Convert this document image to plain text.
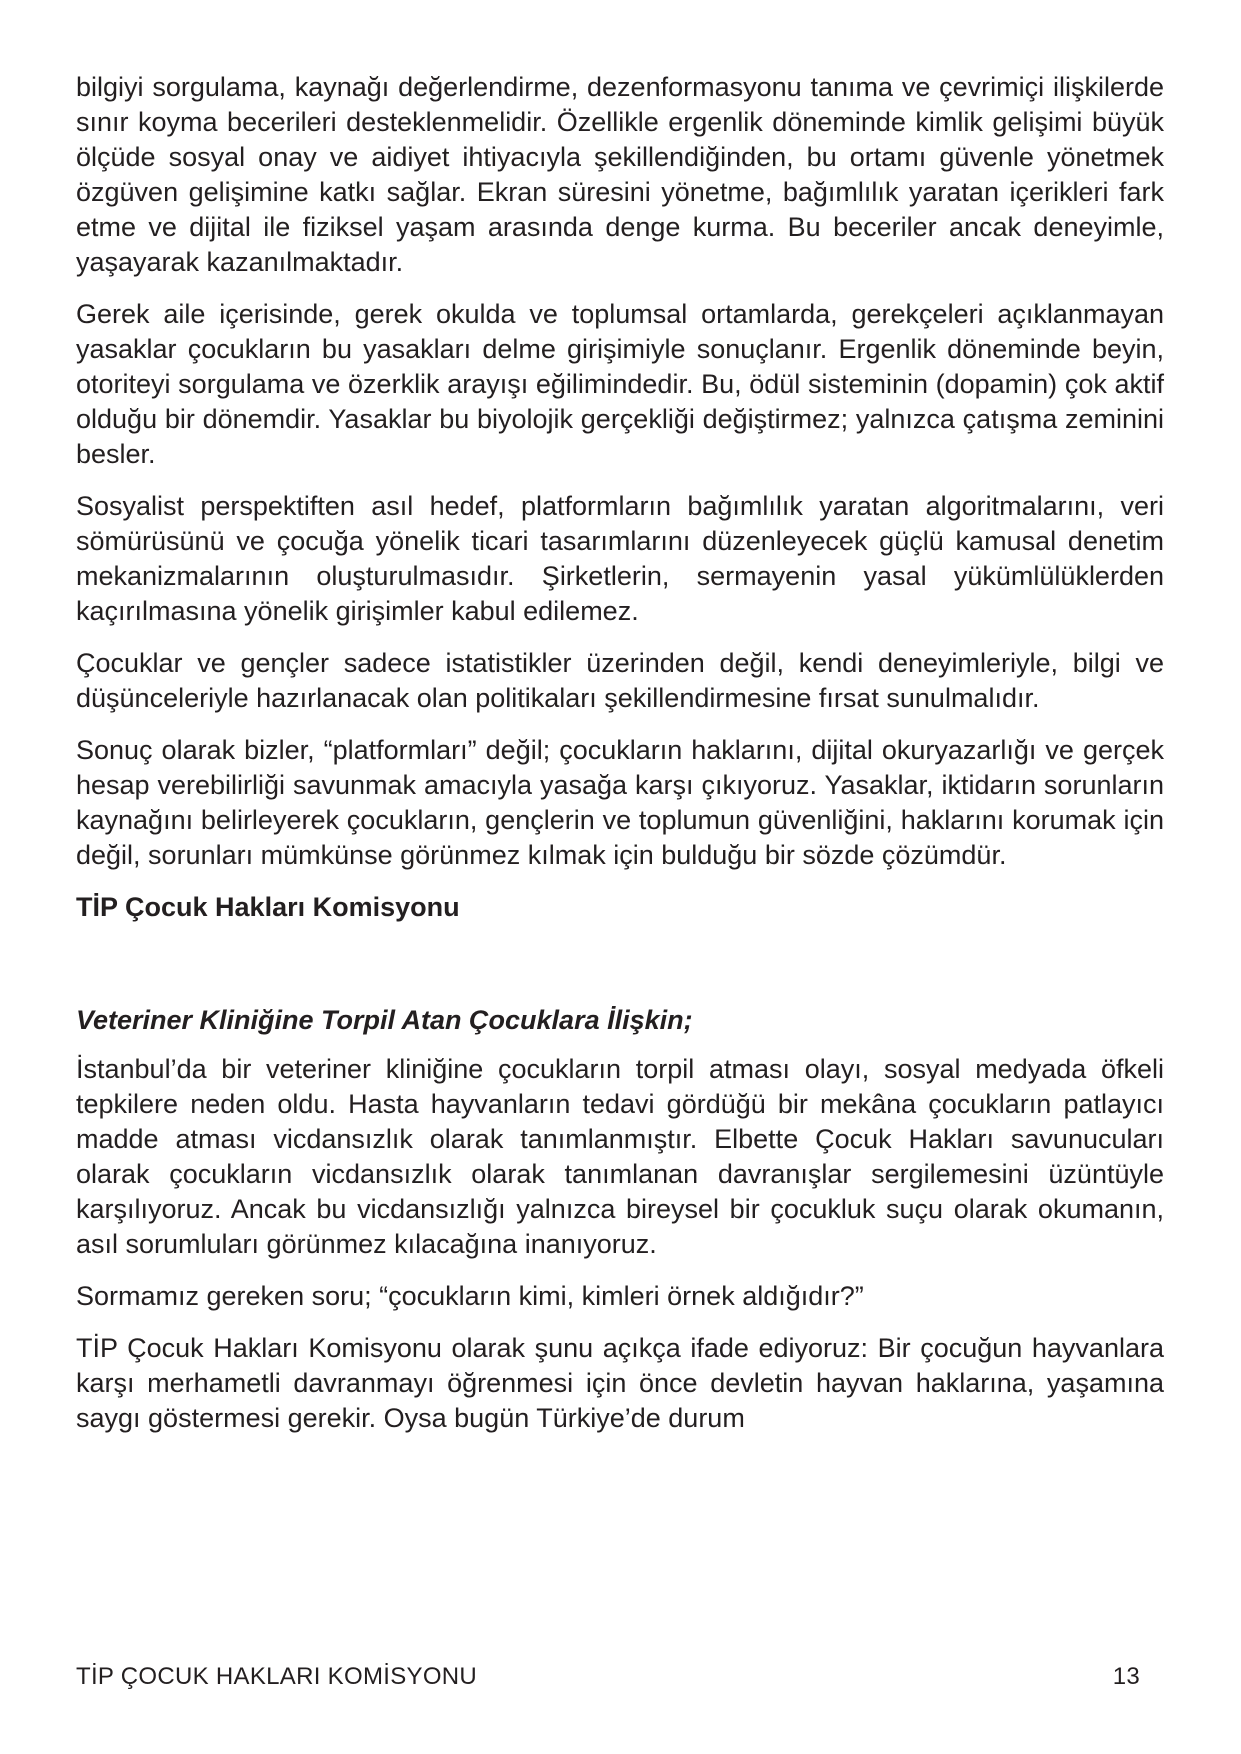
bilgiyi sorgulama, kaynağı değerlendirme, dezenformasyonu tanıma ve çevrimiçi ilişkilerde sınır koyma becerileri desteklenmelidir. Özellikle ergenlik döneminde kimlik gelişimi büyük ölçüde sosyal onay ve aidiyet ihtiyacıyla şekillendiğinden, bu ortamı güvenle yönetmek özgüven gelişimine katkı sağlar. Ekran süresini yönetme, bağımlılık yaratan içerikleri fark etme ve dijital ile fiziksel yaşam arasında denge kurma. Bu beceriler ancak deneyimle, yaşayarak kazanılmaktadır.

Gerek aile içerisinde, gerek okulda ve toplumsal ortamlarda, gerekçeleri açıklanmayan yasaklar çocukların bu yasakları delme girişimiyle sonuçlanır. Ergenlik döneminde beyin, otoriteyi sorgulama ve özerklik arayışı eğilimindedir. Bu, ödül sisteminin (dopamin) çok aktif olduğu bir dönemdir. Yasaklar bu biyolojik gerçekliği değiştirmez; yalnızca çatışma zeminini besler.

Sosyalist perspektiften asıl hedef, platformların bağımlılık yaratan algoritmalarını, veri sömürüsünü ve çocuğa yönelik ticari tasarımlarını düzenleyecek güçlü kamusal denetim mekanizmalarının oluşturulmasıdır. Şirketlerin, sermayenin yasal yükümlülüklerden kaçırılmasına yönelik girişimler kabul edilemez.

Çocuklar ve gençler sadece istatistikler üzerinden değil, kendi deneyimleriyle, bilgi ve düşünceleriyle hazırlanacak olan politikaları şekillendirmesine fırsat sunulmalıdır.

Sonuç olarak bizler, “platformları” değil; çocukların haklarını, dijital okuryazarlığı ve gerçek hesap verebilirliği savunmak amacıyla yasağa karşı çıkıyoruz. Yasaklar, iktidarın sorunların kaynağını belirleyerek çocukların, gençlerin ve toplumun güvenliğini, haklarını korumak için değil, sorunları mümkünse görünmez kılmak için bulduğu bir sözde çözümdür.

TİP Çocuk Hakları Komisyonu

Veteriner Kliniğine Torpil Atan Çocuklara İlişkin;

İstanbul’da bir veteriner kliniğine çocukların torpil atması olayı, sosyal medyada öfkeli tepkilere neden oldu. Hasta hayvanların tedavi gördüğü bir mekâna çocukların patlayıcı madde atması vicdansızlık olarak tanımlanmıştır. Elbette Çocuk Hakları savunucuları olarak çocukların vicdansızlık olarak tanımlanan davranışlar sergilemesini üzüntüyle karşılıyoruz. Ancak bu vicdansızlığı yalnızca bireysel bir çocukluk suçu olarak okumanın, asıl sorumluları görünmez kılacağına inanıyoruz.

Sormamız gereken soru; “çocukların kimi, kimleri örnek aldığıdır?”

TİP Çocuk Hakları Komisyonu olarak şunu açıkça ifade ediyoruz: Bir çocuğun hayvanlara karşı merhametli davranmayı öğrenmesi için önce devletin hayvan haklarına, yaşamına saygı göstermesi gerekir. Oysa bugün Türkiye’de durum

TİP ÇOCUK HAKLARI KOMİSYONU	13
